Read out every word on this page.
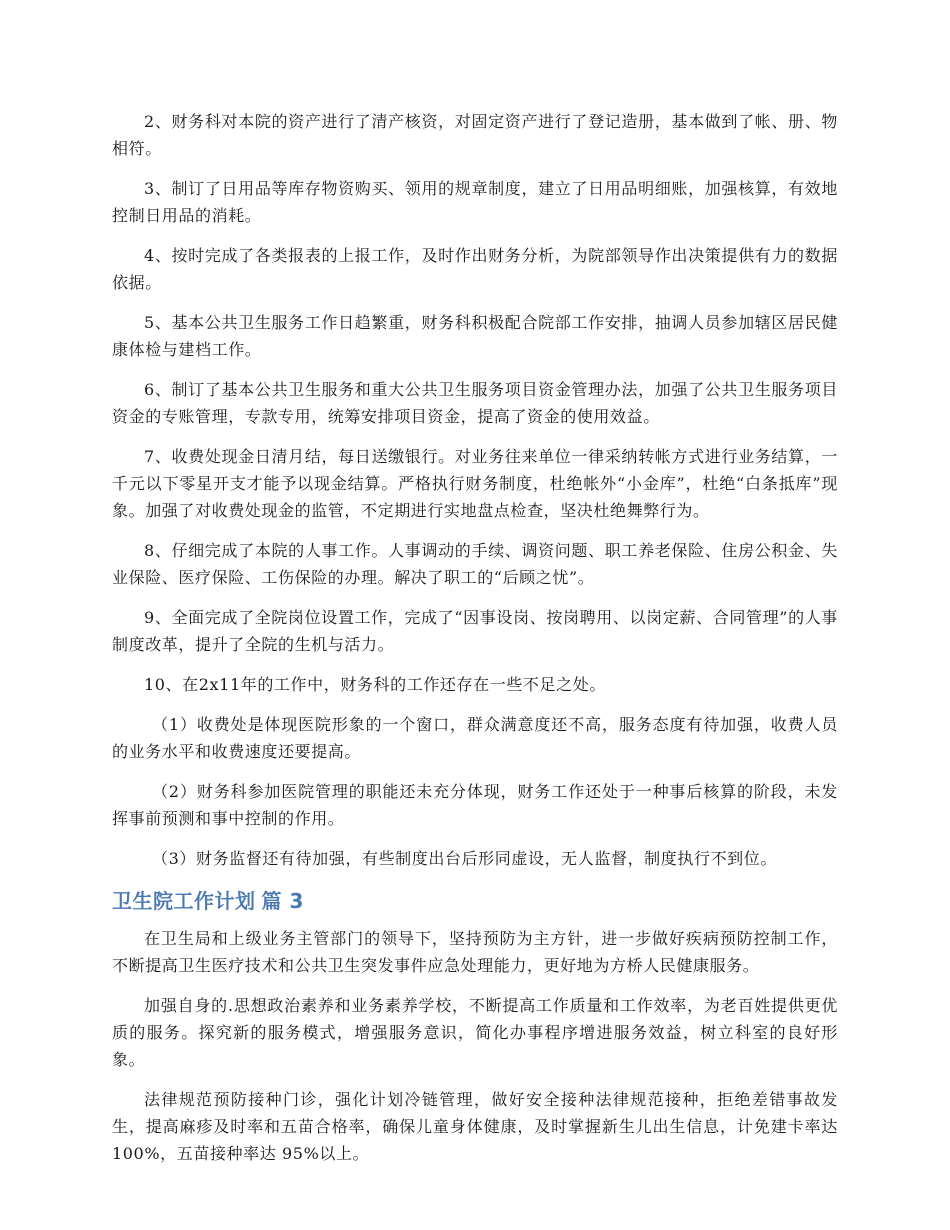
2、财务科对本院的资产进行了清产核资，对固定资产进行了登记造册，基本做到了帐、册、物相符。

3、制订了日用品等库存物资购买、领用的规章制度，建立了日用品明细账，加强核算，有效地控制日用品的消耗。

4、按时完成了各类报表的上报工作，及时作出财务分析，为院部领导作出决策提供有力的数据依据。

5、基本公共卫生服务工作日趋繁重，财务科积极配合院部工作安排，抽调人员参加辖区居民健康体检与建档工作。

6、制订了基本公共卫生服务和重大公共卫生服务项目资金管理办法，加强了公共卫生服务项目资金的专账管理，专款专用，统筹安排项目资金，提高了资金的使用效益。

7、收费处现金日清月结，每日送缴银行。对业务往来单位一律采纳转帐方式进行业务结算，一千元以下零星开支才能予以现金结算。严格执行财务制度，杜绝帐外“小金库”，杜绝“白条抵库”现象。加强了对收费处现金的监管，不定期进行实地盘点检查，坚决杜绝舞弊行为。

8、仔细完成了本院的人事工作。人事调动的手续、调资问题、职工养老保险、住房公积金、失业保险、医疗保险、工伤保险的办理。解决了职工的“后顾之忧”。

9、全面完成了全院岗位设置工作，完成了“因事设岗、按岗聘用、以岗定薪、合同管理”的人事制度改革，提升了全院的生机与活力。

10、在2x11年的工作中，财务科的工作还存在一些不足之处。

（1）收费处是体现医院形象的一个窗口，群众满意度还不高，服务态度有待加强，收费人员的业务水平和收费速度还要提高。

（2）财务科参加医院管理的职能还未充分体现，财务工作还处于一种事后核算的阶段，未发挥事前预测和事中控制的作用。

（3）财务监督还有待加强，有些制度出台后形同虚设，无人监督，制度执行不到位。

卫生院工作计划 篇 3

在卫生局和上级业务主管部门的领导下，坚持预防为主方针，进一步做好疾病预防控制工作，不断提高卫生医疗技术和公共卫生突发事件应急处理能力，更好地为方桥人民健康服务。

加强自身的.思想政治素养和业务素养学校，不断提高工作质量和工作效率，为老百姓提供更优质的服务。探究新的服务模式，增强服务意识，简化办事程序增进服务效益，树立科室的良好形象。

法律规范预防接种门诊，强化计划冷链管理，做好安全接种法律规范接种，拒绝差错事故发生，提高麻疹及时率和五苗合格率，确保儿童身体健康，及时掌握新生儿出生信息，计免建卡率达 100%，五苗接种率达 95%以上。
